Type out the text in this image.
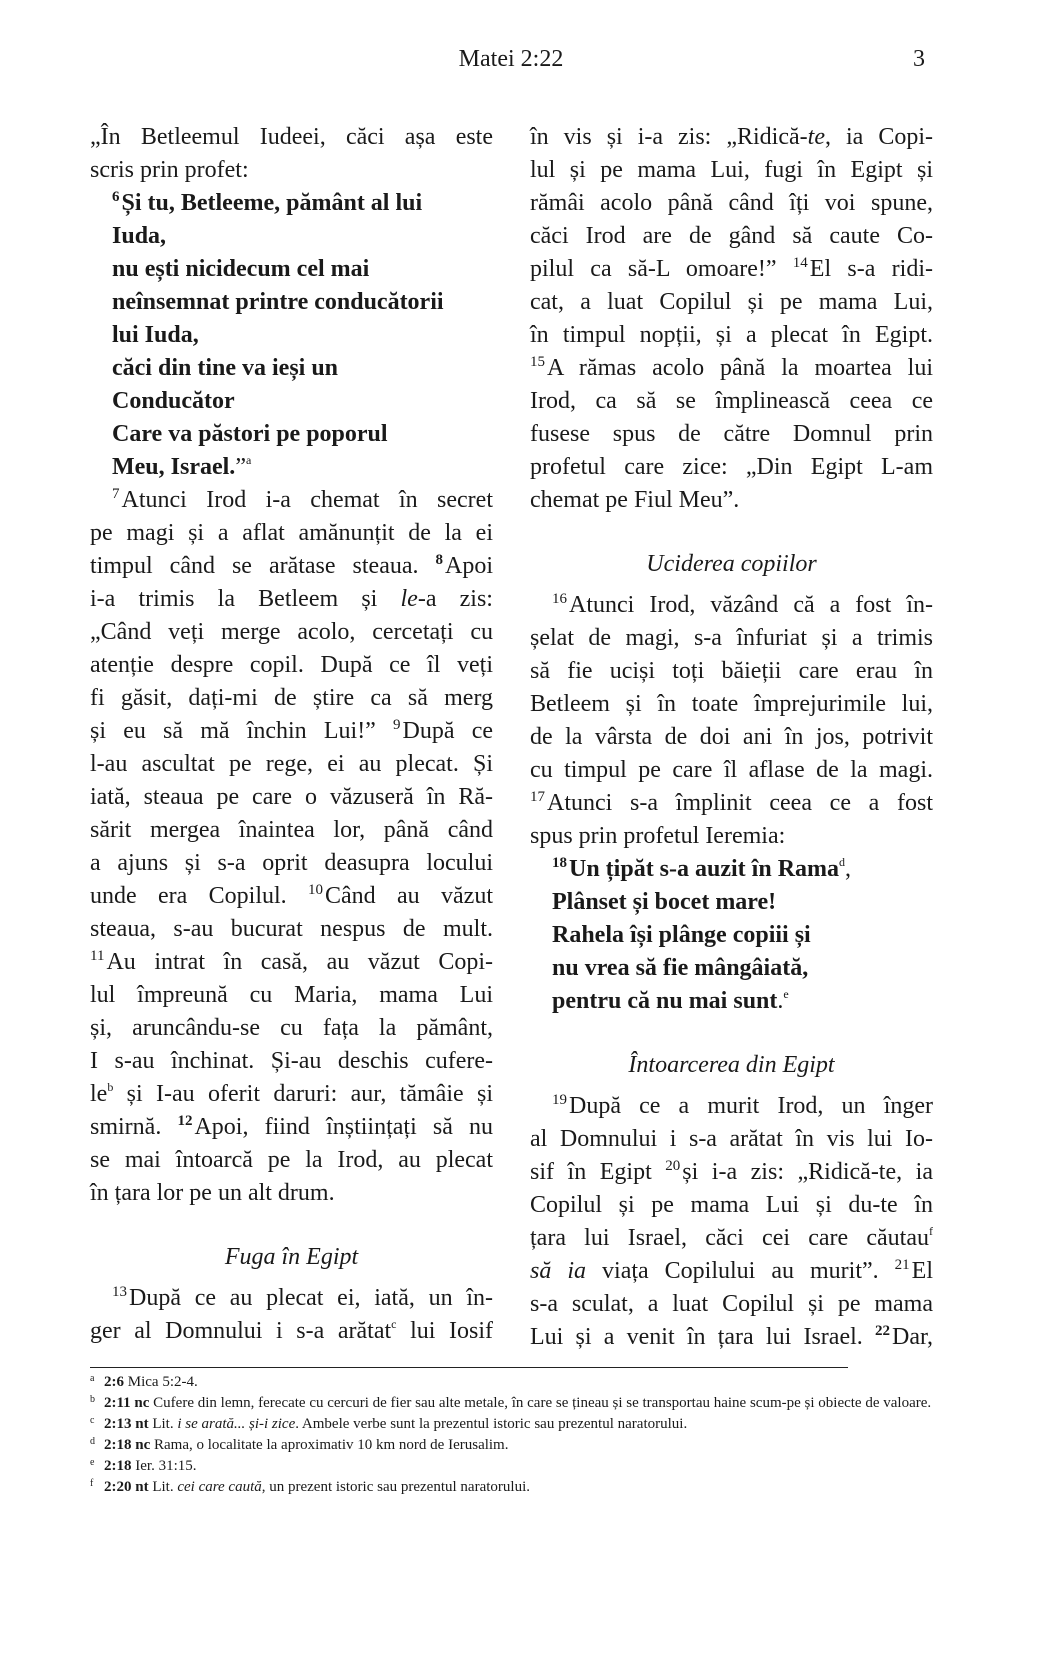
Matei 2:22	3
„În Betleemul Iudeei, căci așa este
scris prin profet:
$^6$Și tu, Betleeme, pământ al lui
Iuda,
nu ești nicidecum cel mai
neînsemnat printre conducătorii
lui Iuda,
căci din tine va ieși un
Conducător
Care va păstori pe poporul
Meu, Israel.”$^a$
$^7$Atunci Irod i-a chemat în secret
pe magi și a aflat amănunțit de la ei
timpul când se arătase steaua. $^8$Apoi
i-a trimis la Betleem și le-a zis:
„Când veți merge acolo, cercetați cu
atenție despre copil. După ce îl veți
fi găsit, dați-mi de știre ca să merg
și eu să mă închin Lui!” $^9$După ce
l-au ascultat pe rege, ei au plecat. Și
iată, steaua pe care o văzuseră în Ră-
sărit mergea înaintea lor, până când
a ajuns și s-a oprit deasupra locului
unde era Copilul. $^{10}$Când au văzut
steaua, s-au bucurat nespus de mult.
$^{11}$Au intrat în casă, au văzut Copi-
lul împreună cu Maria, mama Lui
și, aruncându-se cu fața la pământ,
I s-au închinat. Și-au deschis cufere-
$le^b$ și I-au oferit daruri: aur, tămâie și
smirnă. $^{12}$Apoi, fiind înștiințați să nu
se mai întoarcă pe la Irod, au plecat
în țara lor pe un alt drum.
Fuga în Egipt
$^{13}$După ce au plecat ei, iată, un în-
ger al Domnului i s-a arătat$^c$ lui Iosif
în vis și i-a zis: „Ridică-te, ia Copi-
lul și pe mama Lui, fugi în Egipt și
rămâi acolo până când îți voi spune,
căci Irod are de gând să caute Co-
pilul ca să-L omoare!” $^{14}$El s-a ridi-
cat, a luat Copilul și pe mama Lui,
în timpul nopții, și a plecat în Egipt.
$^{15}$A rămas acolo până la moartea lui
Irod, ca să se împlinească ceea ce
fusese spus de către Domnul prin
profetul care zice: „Din Egipt L-am
chemat pe Fiul Meu”.
Uciderea copiilor
$^{16}$Atunci Irod, văzând că a fost în-
șelat de magi, s-a înfuriat și a trimis
să fie uciși toți băieții care erau în
Betleem și în toate împrejurimile lui,
de la vârsta de doi ani în jos, potrivit
cu timpul pe care îl aflase de la magi.
$^{17}$Atunci s-a împlinit ceea ce a fost
spus prin profetul Ieremia:
$^{18}$Un țipăt s-a auzit în Rama$^d$,
Plânset și bocet mare!
Rahela își plânge copiii și
nu vrea să fie mângâiată,
pentru că nu mai sunt.$^e$
Întoarcerea din Egipt
$^{19}$După ce a murit Irod, un înger
al Domnului i s-a arătat în vis lui Io-
sif în Egipt $^{20}$și i-a zis: „Ridică-te, ia
Copilul și pe mama Lui și du-te în
țara lui Israel, căci cei care căutau$^f$
să ia viața Copilului au murit”. $^{21}$El
s-a sculat, a luat Copilul și pe mama
Lui și a venit în țara lui Israel. $^{22}$Dar,
a 2:6 Mica 5:2-4.
b 2:11 nc Cufere din lemn, ferecate cu cercuri de fier sau alte metale, în care se țineau și se transportau haine scum-pe și obiecte de valoare.
c 2:13 nt Lit. i se arată... și-i zice. Ambele verbe sunt la prezentul istoric sau prezentul naratorului.
d 2:18 nc Rama, o localitate la aproximativ 10 km nord de Ierusalim.
e 2:18 Ier. 31:15.
f 2:20 nt Lit. cei care caută, un prezent istoric sau prezentul naratorului.
